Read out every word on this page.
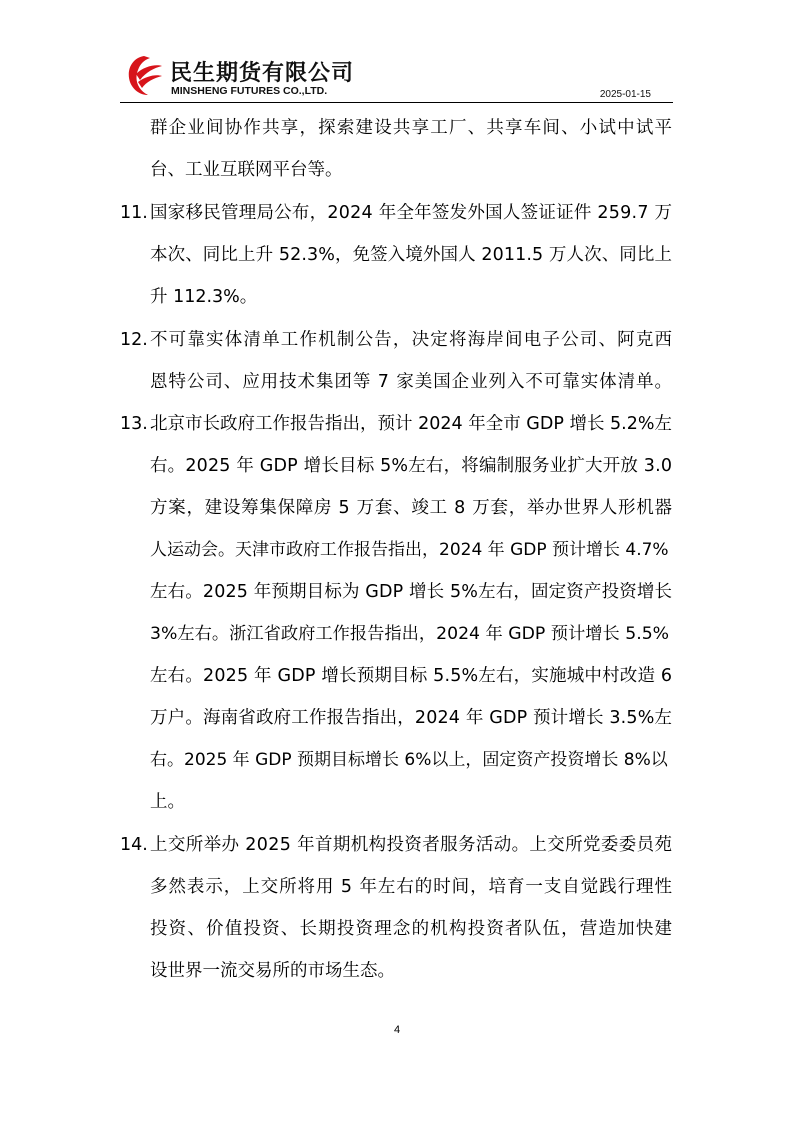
民生期货有限公司
MINSHENG FUTURES CO.,LTD.	2025-01-15
群企业间协作共享，探索建设共享工厂、共享车间、小试中试平
台、工业互联网平台等。
11. 国家移民管理局公布，2024 年全年签发外国人签证证件 259.7 万
本次、同比上升 52.3%，免签入境外国人 2011.5 万人次、同比上
升 112.3%。
12. 不可靠实体清单工作机制公告，决定将海岸间电子公司、阿克西
恩特公司、应用技术集团等 7 家美国企业列入不可靠实体清单。
13. 北京市长政府工作报告指出，预计 2024 年全市 GDP 增长 5.2%左
右。2025 年 GDP 增长目标 5%左右，将编制服务业扩大开放 3.0
方案，建设筹集保障房 5 万套、竣工 8 万套，举办世界人形机器
人运动会。天津市政府工作报告指出，2024 年 GDP 预计增长 4.7%
左右。2025 年预期目标为 GDP 增长 5%左右，固定资产投资增长
3%左右。浙江省政府工作报告指出，2024 年 GDP 预计增长 5.5%
左右。2025 年 GDP 增长预期目标 5.5%左右，实施城中村改造 6
万户。海南省政府工作报告指出，2024 年 GDP 预计增长 3.5%左
右。2025 年 GDP 预期目标增长 6%以上，固定资产投资增长 8%以
上。
14. 上交所举办 2025 年首期机构投资者服务活动。上交所党委委员苑
多然表示，上交所将用 5 年左右的时间，培育一支自觉践行理性
投资、价值投资、长期投资理念的机构投资者队伍，营造加快建
设世界一流交易所的市场生态。
4
